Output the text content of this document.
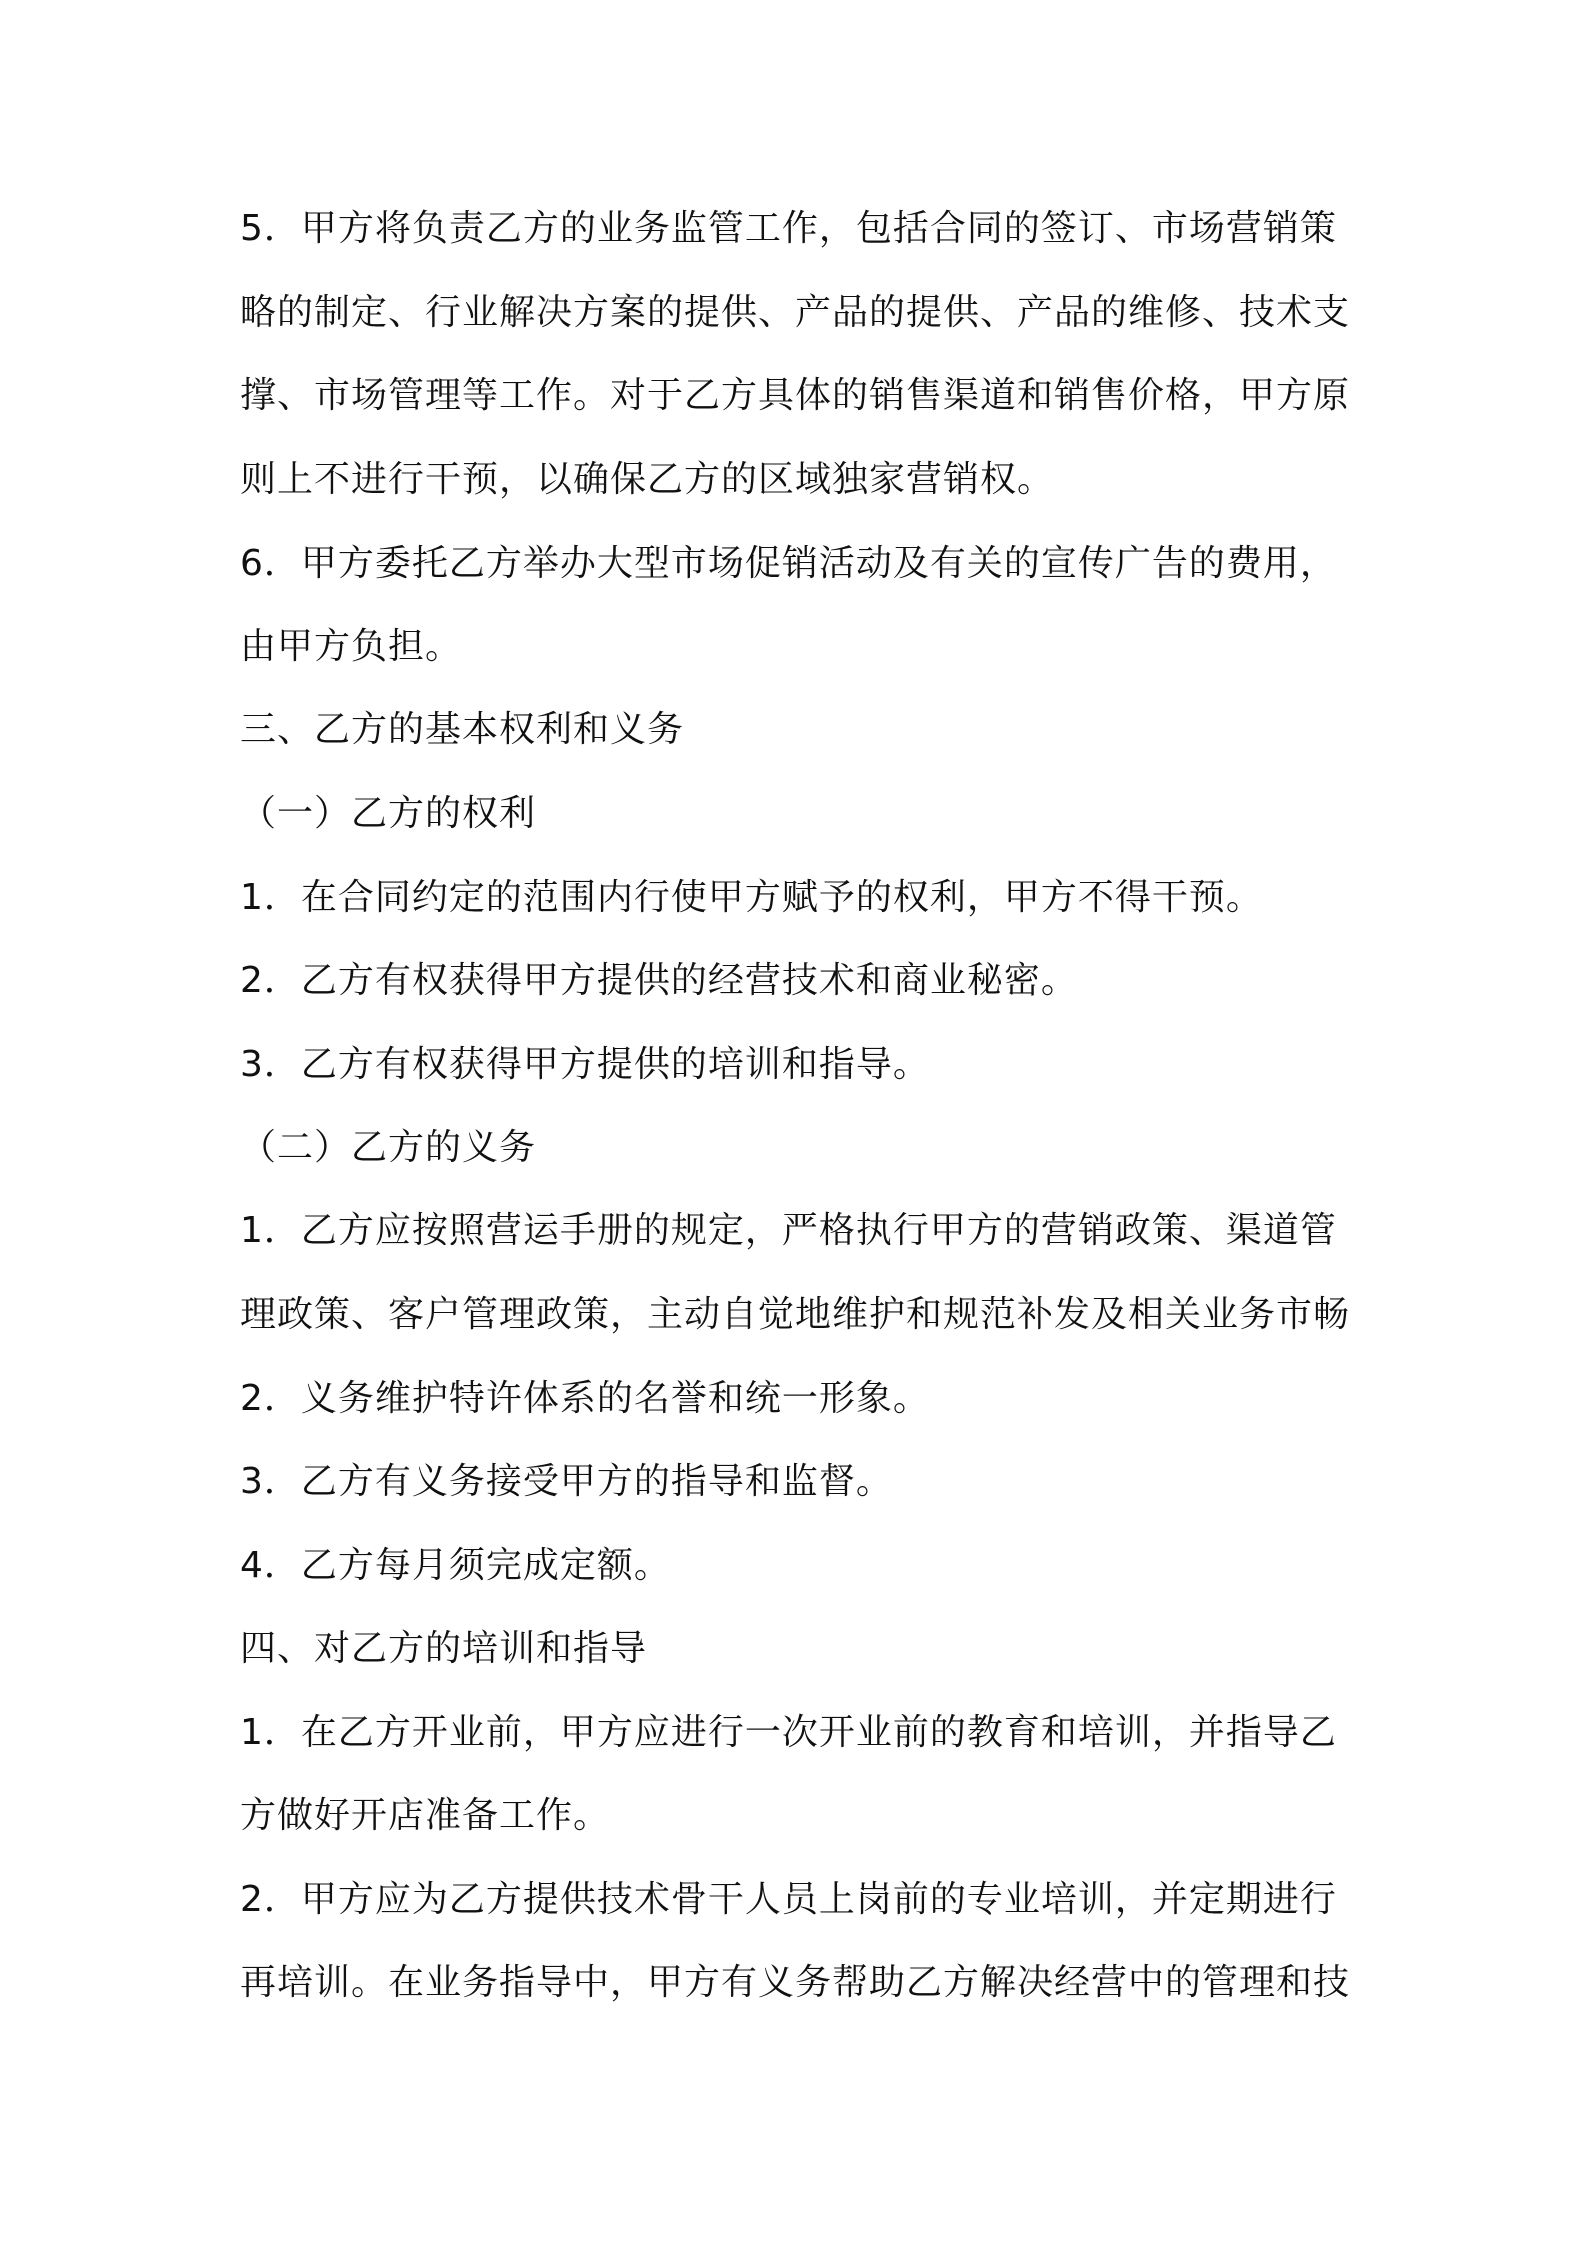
5．甲方将负责乙方的业务监管工作，包括合同的签订、市场营销策
略的制定、行业解决方案的提供、产品的提供、产品的维修、技术支
撑、市场管理等工作。对于乙方具体的销售渠道和销售价格，甲方原
则上不进行干预，以确保乙方的区域独家营销权。
6．甲方委托乙方举办大型市场促销活动及有关的宣传广告的费用，
由甲方负担。
三、乙方的基本权利和义务
（一）乙方的权利
1．在合同约定的范围内行使甲方赋予的权利，甲方不得干预。
2．乙方有权获得甲方提供的经营技术和商业秘密。
3．乙方有权获得甲方提供的培训和指导。
（二）乙方的义务
1．乙方应按照营运手册的规定，严格执行甲方的营销政策、渠道管
理政策、客户管理政策，主动自觉地维护和规范补发及相关业务市畅
2．义务维护特许体系的名誉和统一形象。
3．乙方有义务接受甲方的指导和监督。
4．乙方每月须完成定额。
四、对乙方的培训和指导
1．在乙方开业前，甲方应进行一次开业前的教育和培训，并指导乙
方做好开店准备工作。
2．甲方应为乙方提供技术骨干人员上岗前的专业培训，并定期进行
再培训。在业务指导中，甲方有义务帮助乙方解决经营中的管理和技
